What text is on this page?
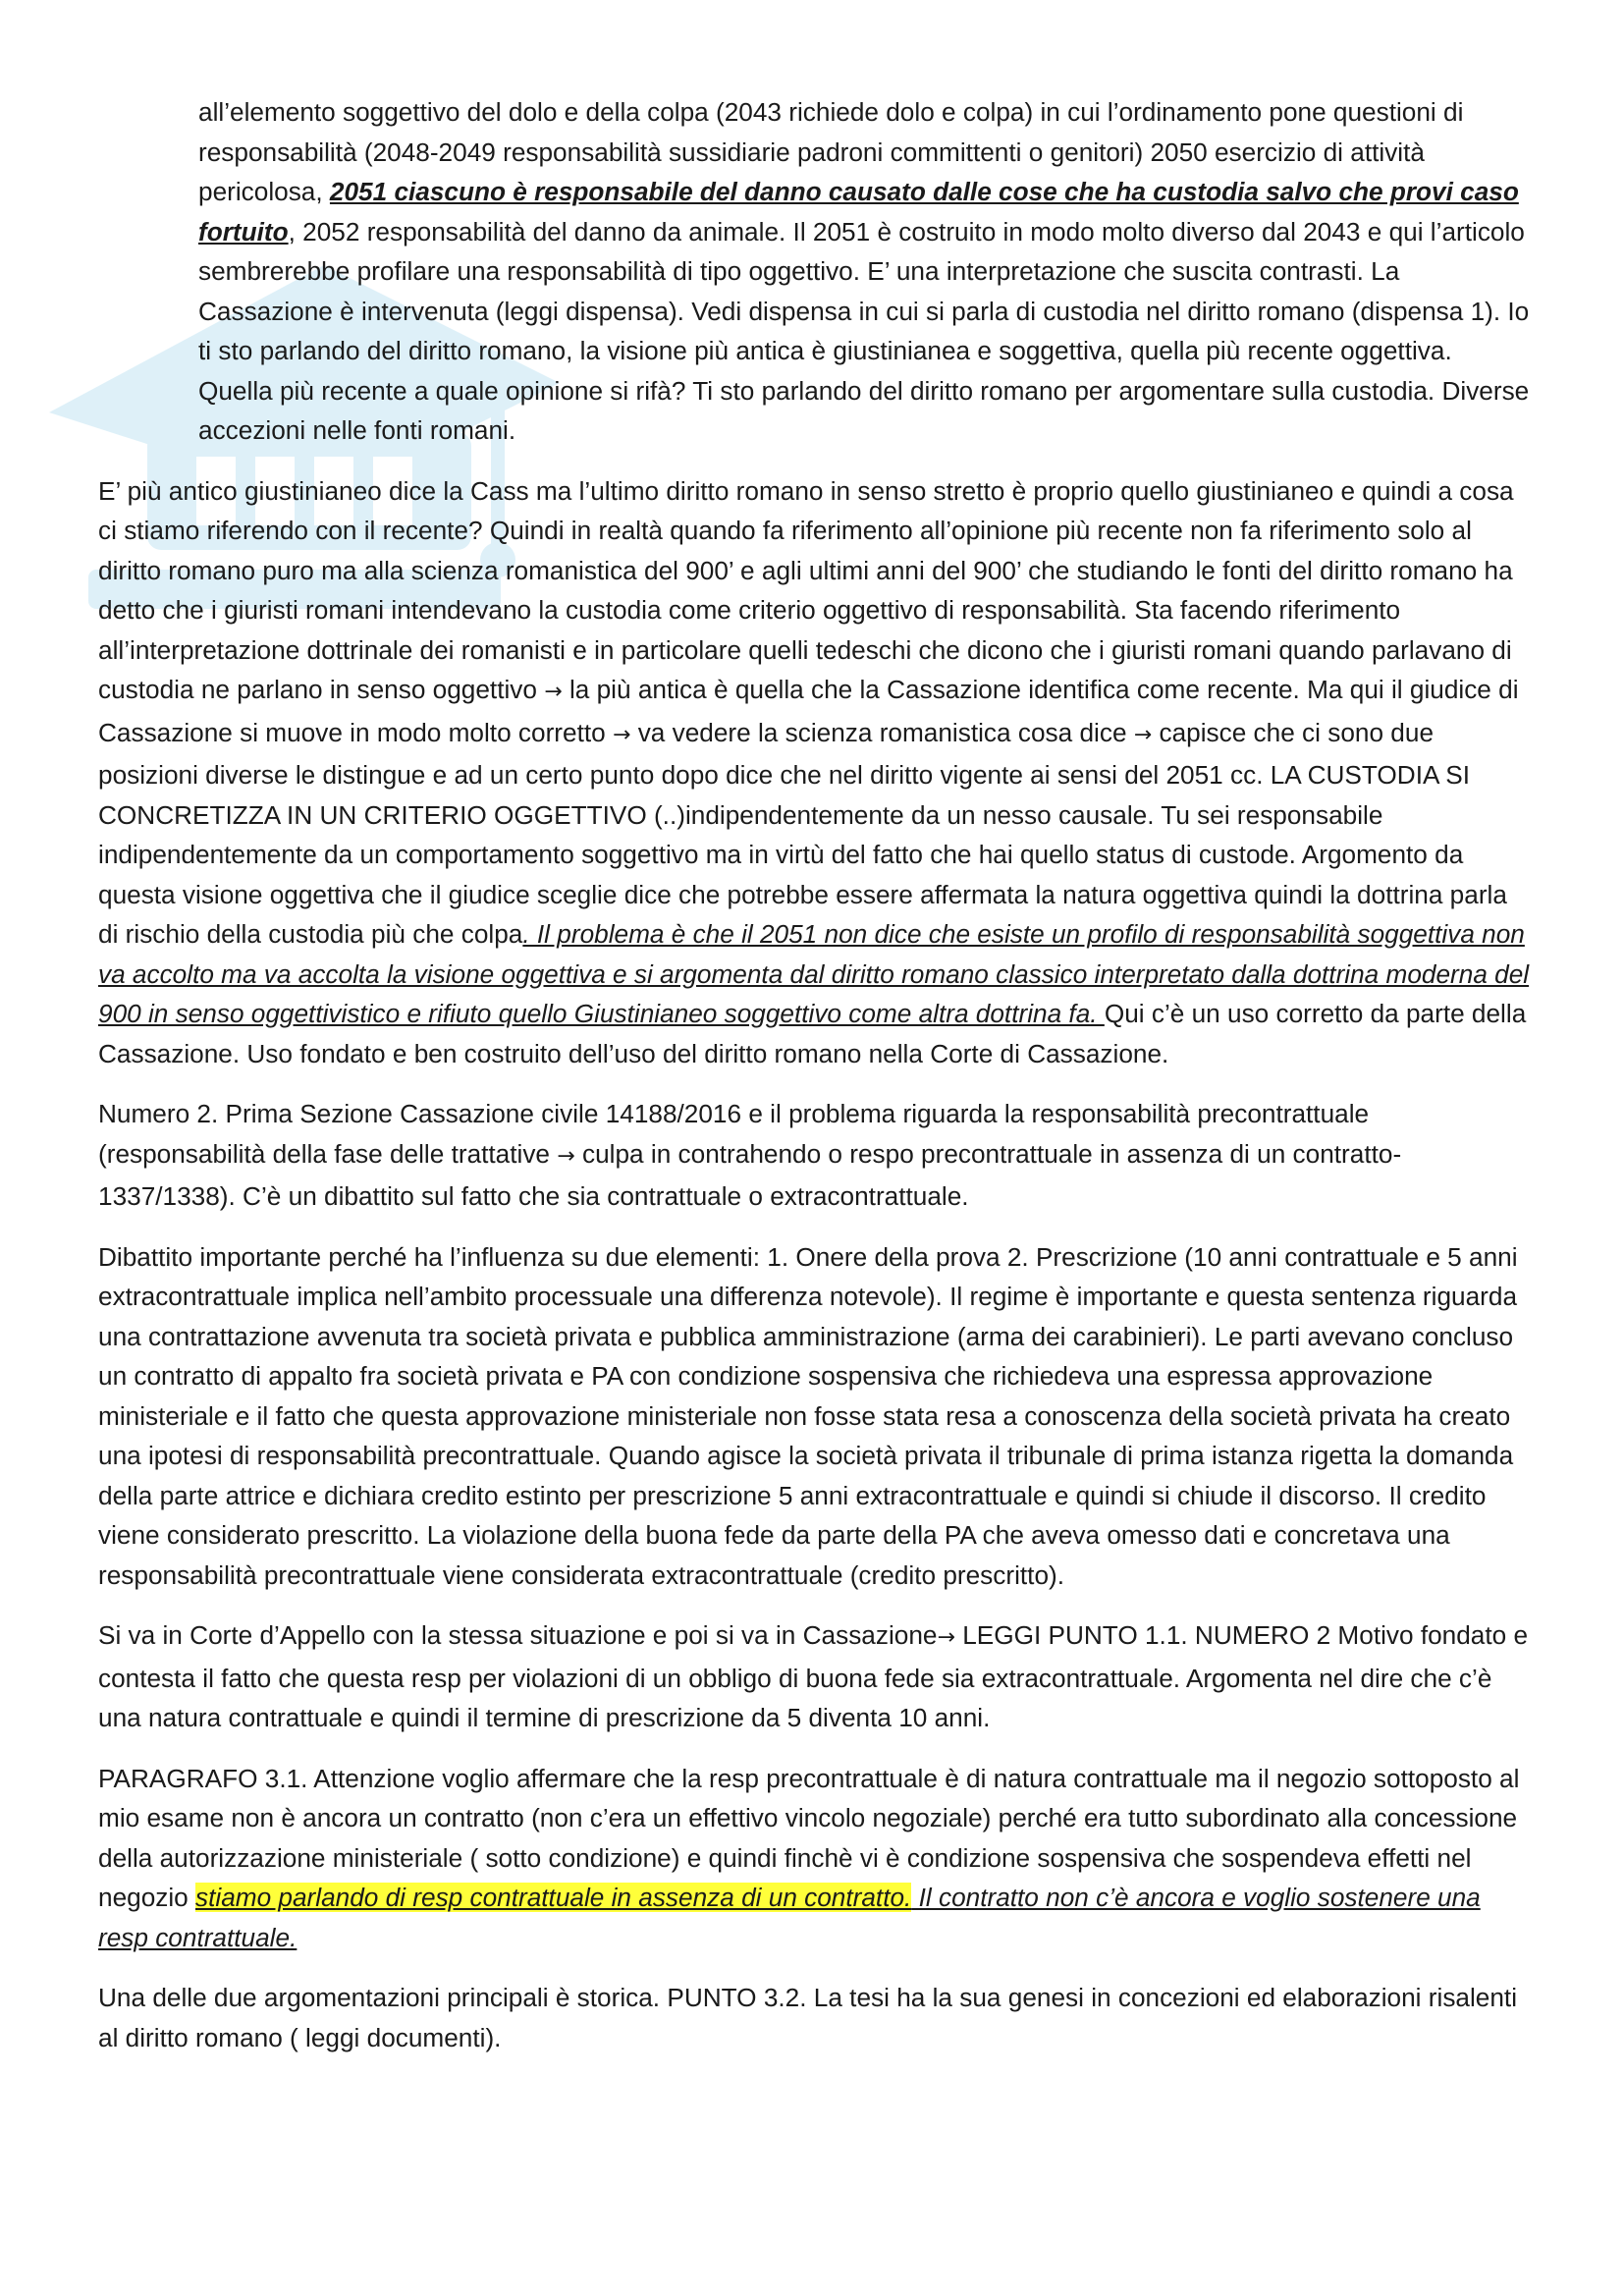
all’elemento soggettivo del dolo e della colpa (2043 richiede dolo e colpa) in cui l’ordinamento pone questioni di responsabilità (2048-2049 responsabilità sussidiarie padroni committenti o genitori) 2050 esercizio di attività pericolosa, 2051 ciascuno è responsabile del danno causato dalle cose che ha custodia salvo che provi caso fortuito, 2052 responsabilità del danno da animale. Il 2051 è costruito in modo molto diverso dal 2043 e qui l’articolo sembrerebbe profilare una responsabilità di tipo oggettivo. E’ una interpretazione che suscita contrasti. La Cassazione è intervenuta (leggi dispensa). Vedi dispensa in cui si parla di custodia nel diritto romano (dispensa 1). Io ti sto parlando del diritto romano, la visione più antica è giustinianea e soggettiva, quella più recente oggettiva. Quella più recente a quale opinione si rifà? Ti sto parlando del diritto romano per argomentare sulla custodia. Diverse accezioni nelle fonti romani.

E’ più antico giustinianeo dice la Cass ma l’ultimo diritto romano in senso stretto è proprio quello giustinianeo e quindi a cosa ci stiamo riferendo con il recente? Quindi in realtà quando fa riferimento all’opinione più recente non fa riferimento solo al diritto romano puro ma alla scienza romanistica del 900’ e agli ultimi anni del 900’ che studiando le fonti del diritto romano ha detto che i giuristi romani intendevano la custodia come criterio oggettivo di responsabilità. Sta facendo riferimento all’interpretazione dottrinale dei romanisti e in particolare quelli tedeschi che dicono che i giuristi romani quando parlavano di custodia ne parlano in senso oggettivo → la più antica è quella che la Cassazione identifica come recente. Ma qui il giudice di Cassazione si muove in modo molto corretto → va vedere la scienza romanistica cosa dice → capisce che ci sono due posizioni diverse le distingue e ad un certo punto dopo dice che nel diritto vigente ai sensi del 2051 cc. LA CUSTODIA SI CONCRETIZZA IN UN CRITERIO OGGETTIVO (..)indipendentemente da un nesso causale. Tu sei responsabile indipendentemente da un comportamento soggettivo ma in virtù del fatto che hai quello status di custode. Argomento da questa visione oggettiva che il giudice sceglie dice che potrebbe essere affermata la natura oggettiva quindi la dottrina parla di rischio della custodia più che colpa. Il problema è che il 2051 non dice che esiste un profilo di responsabilità soggettiva non va accolto ma va accolta la visione oggettiva e si argomenta dal diritto romano classico interpretato dalla dottrina moderna del 900 in senso oggettivistico e rifiuto quello Giustinianeo soggettivo come altra dottrina fa. Qui c’è un uso corretto da parte della Cassazione. Uso fondato e ben costruito dell’uso del diritto romano nella Corte di Cassazione.

Numero 2. Prima Sezione Cassazione civile 14188/2016 e il problema riguarda la responsabilità precontrattuale (responsabilità della fase delle trattative → culpa in contrahendo o respo precontrattuale in assenza di un contratto-1337/1338). C’è un dibattito sul fatto che sia contrattuale o extracontrattuale.

Dibattito importante perché ha l’influenza su due elementi: 1. Onere della prova 2. Prescrizione (10 anni contrattuale e 5 anni extracontrattuale implica nell’ambito processuale una differenza notevole). Il regime è importante e questa sentenza riguarda una contrattazione avvenuta tra società privata e pubblica amministrazione (arma dei carabinieri). Le parti avevano concluso un contratto di appalto fra società privata e PA con condizione sospensiva che richiedeva una espressa approvazione ministeriale e il fatto che questa approvazione ministeriale non fosse stata resa a conoscenza della società privata ha creato una ipotesi di responsabilità precontrattuale. Quando agisce la società privata il tribunale di prima istanza rigetta la domanda della parte attrice e dichiara credito estinto per prescrizione 5 anni extracontrattuale e quindi si chiude il discorso. Il credito viene considerato prescritto. La violazione della buona fede da parte della PA che aveva omesso dati e concretava una responsabilità precontrattuale viene considerata extracontrattuale (credito prescritto).

Si va in Corte d’Appello con la stessa situazione e poi si va in Cassazione→ LEGGI PUNTO 1.1. NUMERO 2 Motivo fondato e contesta il fatto che questa resp per violazioni di un obbligo di buona fede sia extracontrattuale. Argomenta nel dire che c’è una natura contrattuale e quindi il termine di prescrizione da 5 diventa 10 anni.

PARAGRAFO 3.1. Attenzione voglio affermare che la resp precontrattuale è di natura contrattuale ma il negozio sottoposto al mio esame non è ancora un contratto (non c’era un effettivo vincolo negoziale) perché era tutto subordinato alla concessione della autorizzazione ministeriale ( sotto condizione) e quindi finchè vi è condizione sospensiva che sospendeva effetti nel negozio stiamo parlando di resp contrattuale in assenza di un contratto. Il contratto non c’è ancora e voglio sostenere una resp contrattuale.

Una delle due argomentazioni principali è storica. PUNTO 3.2. La tesi ha la sua genesi in concezioni ed elaborazioni risalenti al diritto romano ( leggi documenti).
